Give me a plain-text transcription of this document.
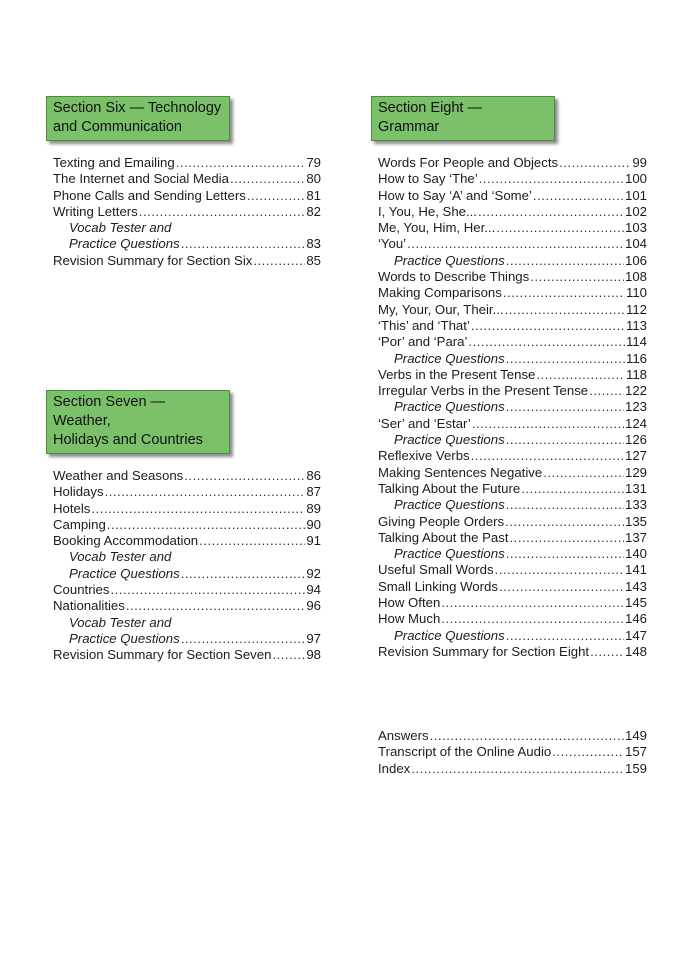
Section Six — Technology
and Communication
Texting and Emailing .....	79
The Internet and Social Media .....	80
Phone Calls and Sending Letters .....	81
Writing Letters .....	82
Vocab Tester and
Practice Questions .....	83
Revision Summary for Section Six .....	85
Section Seven — Weather,
Holidays and Countries
Weather and Seasons .....	86
Holidays .....	87
Hotels .....	89
Camping .....	90
Booking Accommodation .....	91
Vocab Tester and
Practice Questions .....	92
Countries .....	94
Nationalities .....	96
Vocab Tester and
Practice Questions .....	97
Revision Summary for Section Seven .....	98
Section Eight — Grammar
Words For People and Objects .....	99
How to Say ‘The’ .....	100
How to Say ‘A’ and ‘Some’ .....	101
I, You, He, She... .....	102
Me, You, Him, Her... .....	103
‘You’ .....	104
Practice Questions .....	106
Words to Describe Things .....	108
Making Comparisons .....	110
My, Your, Our, Their... .....	112
‘This’ and ‘That’ .....	113
‘Por’ and ‘Para’ .....	114
Practice Questions .....	116
Verbs in the Present Tense .....	118
Irregular Verbs in the Present Tense .....	122
Practice Questions .....	123
‘Ser’ and ‘Estar’ .....	124
Practice Questions .....	126
Reflexive Verbs .....	127
Making Sentences Negative .....	129
Talking About the Future .....	131
Practice Questions .....	133
Giving People Orders .....	135
Talking About the Past .....	137
Practice Questions .....	140
Useful Small Words .....	141
Small Linking Words .....	143
How Often .....	145
How Much .....	146
Practice Questions .....	147
Revision Summary for Section Eight .....	148
Answers .....	149
Transcript of the Online Audio .....	157
Index .....	159
